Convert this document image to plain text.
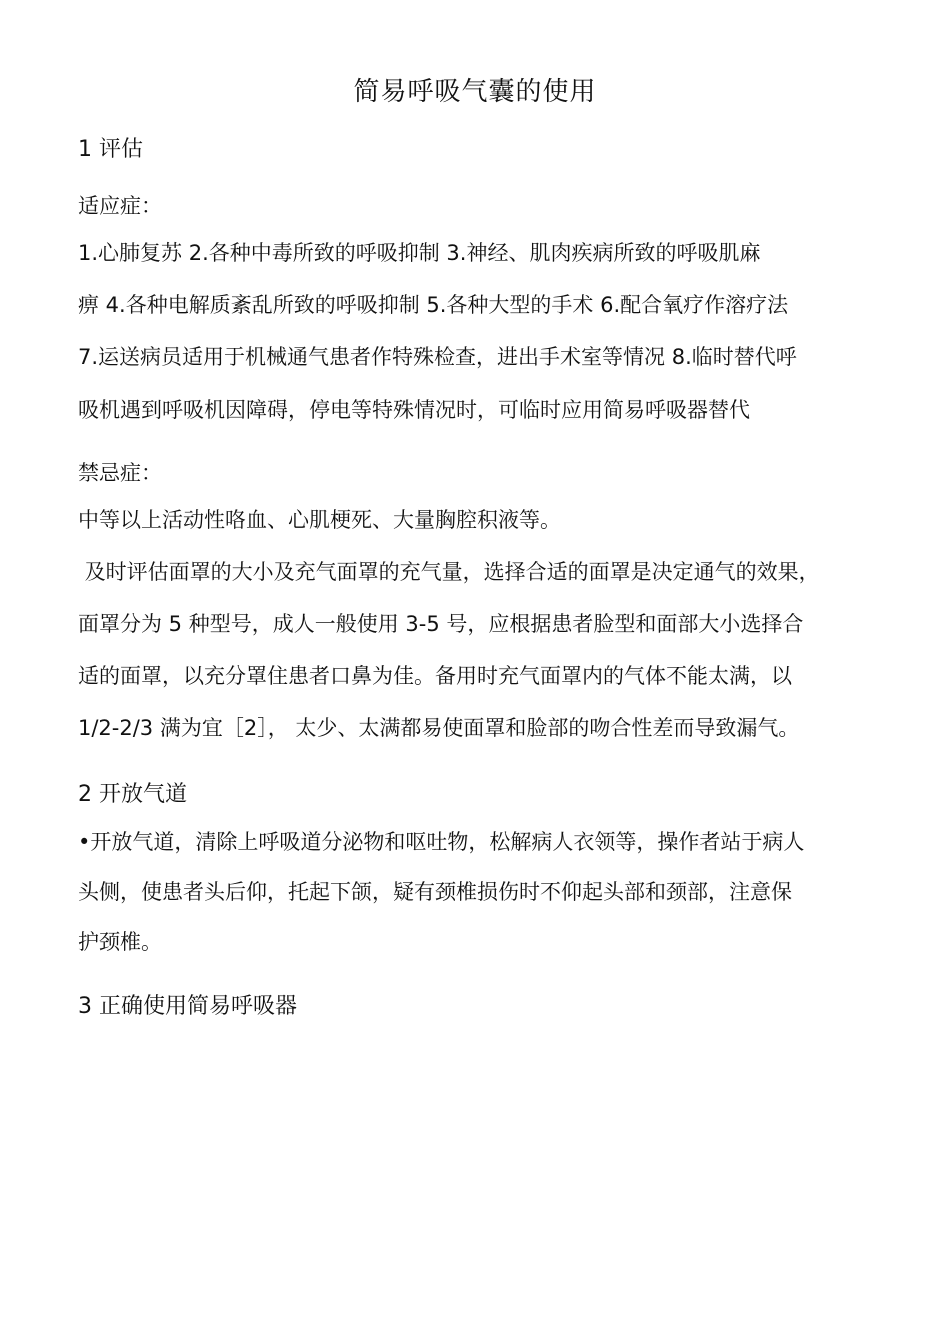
简易呼吸气囊的使用
1 评估
适应症：
1.心肺复苏 2.各种中毒所致的呼吸抑制 3.神经、肌肉疾病所致的呼吸肌麻
痹 4.各种电解质紊乱所致的呼吸抑制 5.各种大型的手术 6.配合氧疗作溶疗法
7.运送病员适用于机械通气患者作特殊检查，进出手术室等情况 8.临时替代呼
吸机遇到呼吸机因障碍，停电等特殊情况时，可临时应用简易呼吸器替代
禁忌症：
中等以上活动性咯血、心肌梗死、大量胸腔积液等。
及时评估面罩的大小及充气面罩的充气量，选择合适的面罩是决定通气的效果，
面罩分为 5 种型号，成人一般使用 3-5 号，应根据患者脸型和面部大小选择合
适的面罩，以充分罩住患者口鼻为佳。备用时充气面罩内的气体不能太满，以
1/2-2/3 满为宜［2］， 太少、太满都易使面罩和脸部的吻合性差而导致漏气。
2 开放气道
•开放气道，清除上呼吸道分泌物和呕吐物，松解病人衣领等，操作者站于病人
头侧，使患者头后仰，托起下颌，疑有颈椎损伤时不仰起头部和颈部，注意保
护颈椎。
3 正确使用简易呼吸器
